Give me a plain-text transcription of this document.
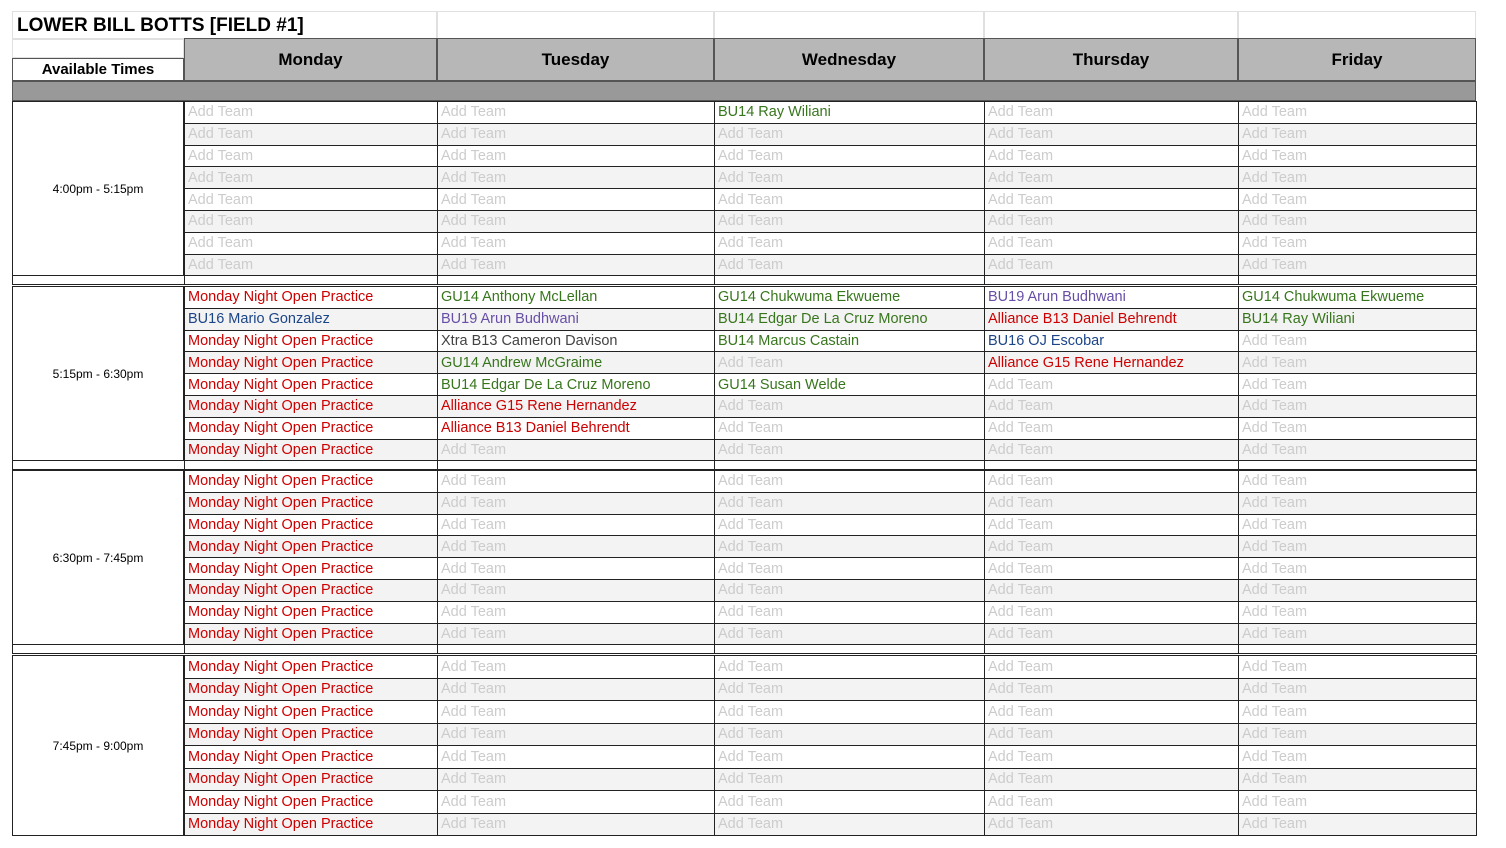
LOWER BILL BOTTS [FIELD #1]
Available Times
Monday	Tuesday	Wednesday	Thursday	Friday
4:00pm - 5:15pm
Add Team	Add Team	BU14 Ray Wiliani	Add Team	Add Team
Add Team	Add Team	Add Team	Add Team	Add Team
Add Team	Add Team	Add Team	Add Team	Add Team
Add Team	Add Team	Add Team	Add Team	Add Team
Add Team	Add Team	Add Team	Add Team	Add Team
Add Team	Add Team	Add Team	Add Team	Add Team
Add Team	Add Team	Add Team	Add Team	Add Team
Add Team	Add Team	Add Team	Add Team	Add Team
5:15pm - 6:30pm
Monday Night Open Practice	GU14 Anthony McLellan	GU14 Chukwuma Ekwueme	BU19 Arun Budhwani	GU14 Chukwuma Ekwueme
BU16 Mario Gonzalez	BU19 Arun Budhwani	BU14 Edgar De La Cruz Moreno	Alliance B13 Daniel Behrendt	BU14 Ray Wiliani
Monday Night Open Practice	Xtra B13 Cameron Davison	BU14 Marcus Castain	BU16 OJ Escobar	Add Team
Monday Night Open Practice	GU14 Andrew McGraime	Add Team	Alliance G15 Rene Hernandez	Add Team
Monday Night Open Practice	BU14 Edgar De La Cruz Moreno	GU14 Susan Welde	Add Team	Add Team
Monday Night Open Practice	Alliance G15 Rene Hernandez	Add Team	Add Team	Add Team
Monday Night Open Practice	Alliance B13 Daniel Behrendt	Add Team	Add Team	Add Team
Monday Night Open Practice	Add Team	Add Team	Add Team	Add Team
6:30pm - 7:45pm
Monday Night Open Practice	Add Team	Add Team	Add Team	Add Team
Monday Night Open Practice	Add Team	Add Team	Add Team	Add Team
Monday Night Open Practice	Add Team	Add Team	Add Team	Add Team
Monday Night Open Practice	Add Team	Add Team	Add Team	Add Team
Monday Night Open Practice	Add Team	Add Team	Add Team	Add Team
Monday Night Open Practice	Add Team	Add Team	Add Team	Add Team
Monday Night Open Practice	Add Team	Add Team	Add Team	Add Team
Monday Night Open Practice	Add Team	Add Team	Add Team	Add Team
7:45pm - 9:00pm
Monday Night Open Practice	Add Team	Add Team	Add Team	Add Team
Monday Night Open Practice	Add Team	Add Team	Add Team	Add Team
Monday Night Open Practice	Add Team	Add Team	Add Team	Add Team
Monday Night Open Practice	Add Team	Add Team	Add Team	Add Team
Monday Night Open Practice	Add Team	Add Team	Add Team	Add Team
Monday Night Open Practice	Add Team	Add Team	Add Team	Add Team
Monday Night Open Practice	Add Team	Add Team	Add Team	Add Team
Monday Night Open Practice	Add Team	Add Team	Add Team	Add Team
